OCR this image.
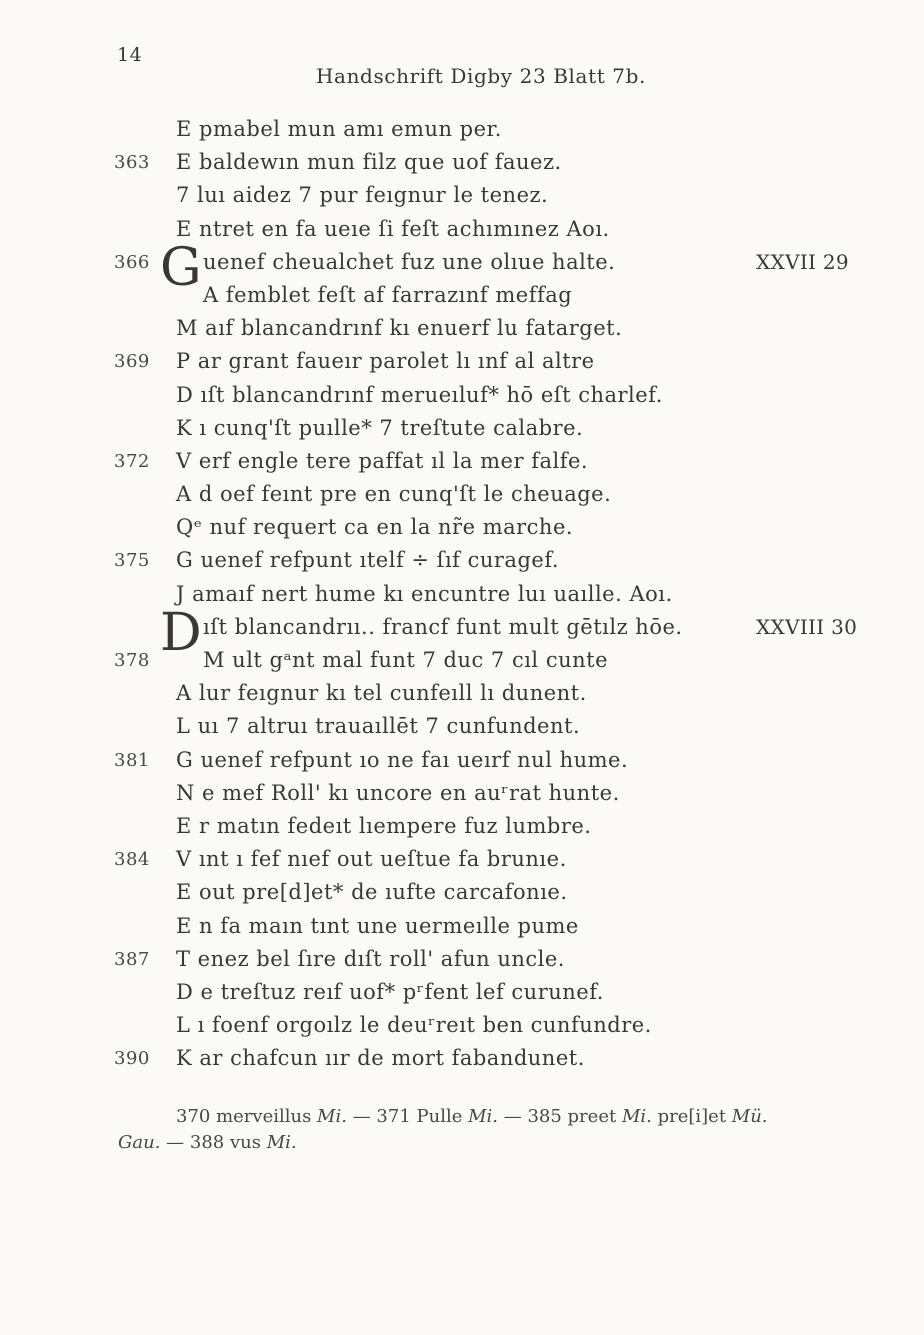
14
Handschrift Digby 23 Blatt 7b.
E pmabel mun amı emun per.
363 E baldewın mun filz que uof fauez.
7 luı aidez 7 pur feıgnur le tenez.
E ntret en fa ueıe ſi feſt achımınez Aoı.
366	uenef cheualchet fuz une olıue halte.	XXVII 29
G A femblet feſt af farrazınf meffag
M aıf blancandrınf kı enuerf lu fatarget.
369 P ar grant faueır parolet lı ınf al altre
D ıſt blancandrınf merueıluf* hō eſt charlef.
K ı cunq'ſt puılle* 7 treſtute calabre.
372 V erf engle tere paffat ıl la mer falfe.
A d oef feınt pre en cunq'ſt le cheuage.
Qᵉ nuf requert ca en la nr̃e marche.
375 G uenef refpunt ıtelf ÷ ſıf curagef.
J amaıf nert hume kı encuntre luı uaılle. Aoı.
ıſt blancandrıı.. francf funt mult gētılz hōe.	XXVIII 30
D
378	M ult gᵃnt mal funt 7 duc 7 cıl cunte
A lur feıgnur kı tel cunfeıll lı dunent.
L uı 7 altruı trauaıllēt 7 cunfundent.
381 G uenef refpunt ıo ne faı ueırf nul hume.
N e mef Roll' kı uncore en auʳrat hunte.
E r matın fedeıt lıempere fuz lumbre.
384 V ınt ı fef nıef out ueſtue fa brunıe.
E out pre[d]et* de ıufte carcafonıe.
E n fa maın tınt une uermeılle pume
387 T enez bel ſıre dıſt roll' afun uncle.
D e treſtuz reıf uof* pʳfent lef curunef.
L ı foenf orgoılz le deuʳreıt ben cunfundre.
390 K ar chafcun ıır de mort fabandunet.
370 merveillus Mi. — 371 Pulle Mi. — 385 preet Mi. pre[i]et Mü.
Gau. — 388 vus Mi.
